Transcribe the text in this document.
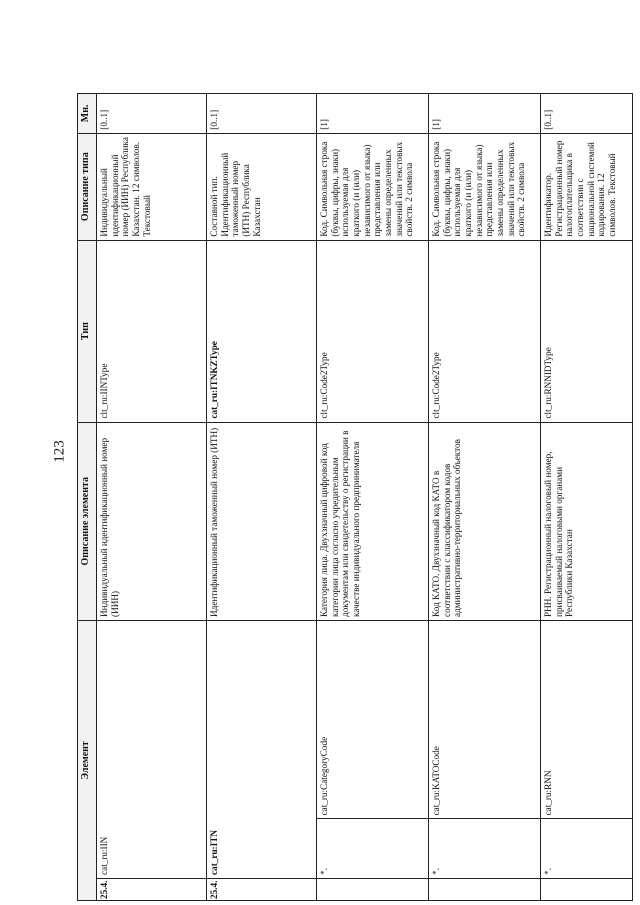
123
Элемент			Описание элемента	Тип	Описание типа	Мн.
25.4.	cat_ru:IIN		Индивидуальный идентификационный номер (ИИН)	clt_ru:IINType	Индивидуальный идентификационный номер (ИИН) Республика Казахстан. 12 символов. Текстовый	[0..1]
25.4.	cat_ru:ITN		Идентификационный таможенный номер (ИТН)	cat_ru:ITNKZType	Составной тип. Идентификационный таможенный номер (ИТН) Республика Казахстан	[0..1]
	*.	cat_ru:CategoryCode	Категория лица. Двухзначный цифровой код категории лица согласно учредительным документам или свидетельству о регистрации в качестве индивидуального предпринимателя	clt_ru:Code2Type	Код. Символьная строка (буквы, цифры, знаки) используемая для краткого (и (или) независимого от языка) представления или замены определенных значений или текстовых свойств. 2 символа	[1]
	*.	cat_ru:KATOCode	Код КАТО. Двухзначный код КАТО в соответствии с классификатором кодов административно-территориальных объектов	clt_ru:Code2Type	Код. Символьная строка (буквы, цифры, знаки) используемая для краткого (и (или) независимого от языка) представления или замены определенных значений или текстовых свойств. 2 символа	[1]
	*.	cat_ru:RNN	РНН. Регистрационный налоговый номер, присваиваемый налоговыми органами Республики Казахстан	clt_ru:RNNIDType	Идентификатор. Регистрационный номер налогоплательщика в соответствии с национальной системой кодирования. 12 символов. Текстовый	[0..1]
